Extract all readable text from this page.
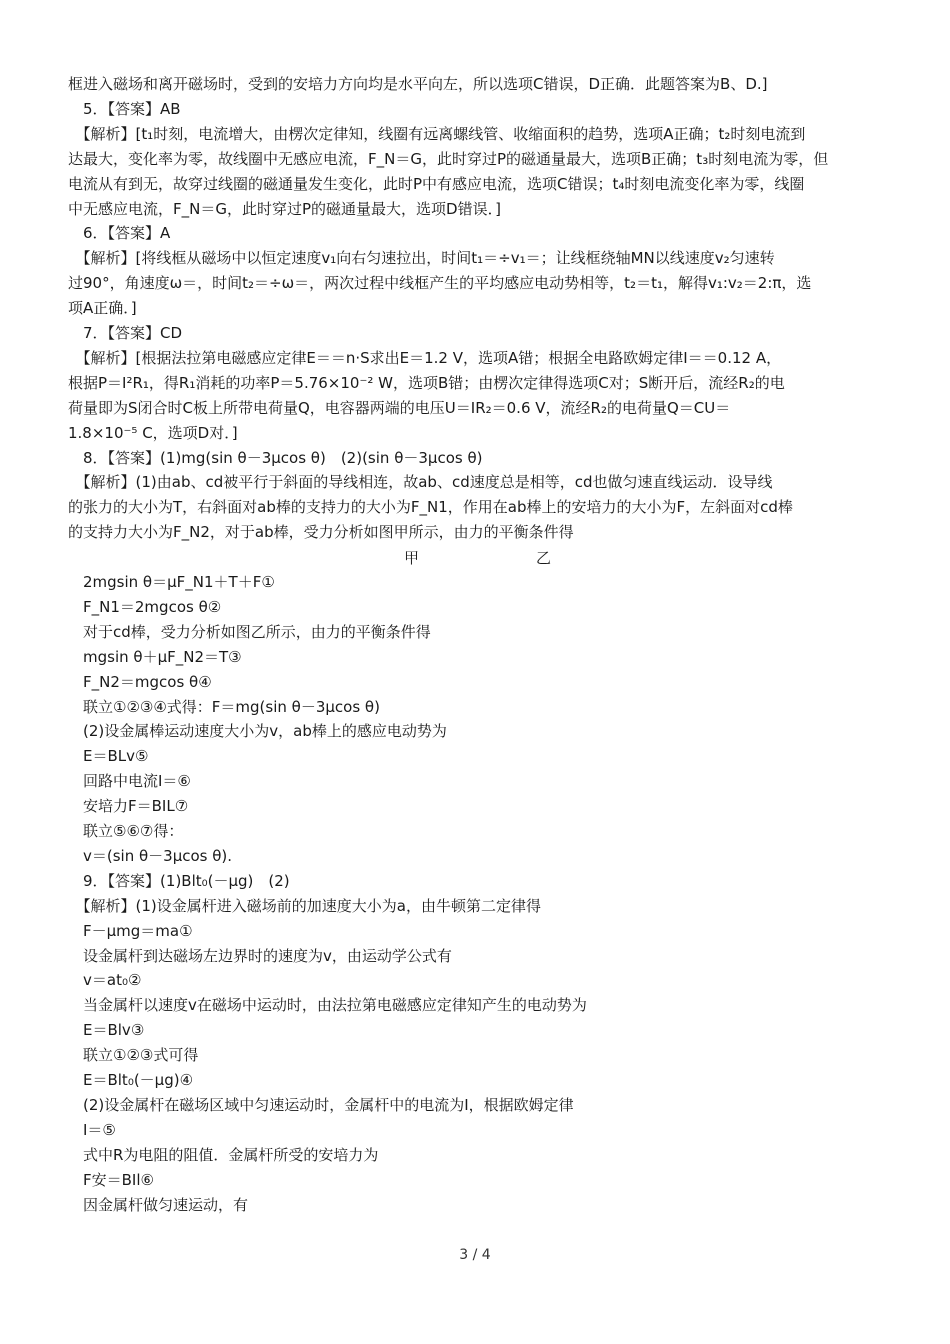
框进入磁场和离开磁场时，受到的安培力方向均是水平向左，所以选项C错误，D正确．此题答案为B、D.]
　5．【答案】AB
　【解析】[t₁时刻，电流增大，由楞次定律知，线圈有远离螺线管、收缩面积的趋势，选项A正确；t₂时刻电流到
达最大，变化率为零，故线圈中无感应电流，F_N＝G，此时穿过P的磁通量最大，选项B正确；t₃时刻电流为零，但
电流从有到无，故穿过线圈的磁通量发生变化，此时P中有感应电流，选项C错误；t₄时刻电流变化率为零，线圈
中无感应电流，F_N＝G，此时穿过P的磁通量最大，选项D错误．]
　6．【答案】A
　【解析】[将线框从磁场中以恒定速度v₁向右匀速拉出，时间t₁＝÷v₁＝；让线框绕轴MN以线速度v₂匀速转
过90°，角速度ω＝，时间t₂＝÷ω＝，两次过程中线框产生的平均感应电动势相等，t₂＝t₁，解得v₁:v₂＝2:π，选
项A正确．]
　7．【答案】CD
　【解析】[根据法拉第电磁感应定律E＝＝n·S求出E＝1.2 V，选项A错；根据全电路欧姆定律I＝＝0.12 A，
根据P＝I²R₁，得R₁消耗的功率P＝5.76×10⁻² W，选项B错；由楞次定律得选项C对；S断开后，流经R₂的电
荷量即为S闭合时C板上所带电荷量Q，电容器两端的电压U＝IR₂＝0.6 V，流经R₂的电荷量Q＝CU＝
1.8×10⁻⁵ C，选项D对．]
　8．【答案】(1)mg(sin θ－3μcos θ)　(2)(sin θ－3μcos θ)
　【解析】(1)由ab、cd被平行于斜面的导线相连，故ab、cd速度总是相等，cd也做匀速直线运动．设导线
的张力的大小为T，右斜面对ab棒的支持力的大小为F_N1，作用在ab棒上的安培力的大小为F，左斜面对cd棒
的支持力大小为F_N2，对于ab棒，受力分析如图甲所示，由力的平衡条件得
　2mgsin θ＝μF_N1＋T＋F①
　F_N1＝2mgcos θ②
　对于cd棒，受力分析如图乙所示，由力的平衡条件得
　mgsin θ＋μF_N2＝T③
　F_N2＝mgcos θ④
　联立①②③④式得：F＝mg(sin θ－3μcos θ)
　(2)设金属棒运动速度大小为v，ab棒上的感应电动势为
　E＝BLv⑤
　回路中电流I＝⑥
　安培力F＝BIL⑦
　联立⑤⑥⑦得：
　v＝(sin θ－3μcos θ).
　9．【答案】(1)Blt₀(－μg)　(2)
　【解析】(1)设金属杆进入磁场前的加速度大小为a，由牛顿第二定律得
　F－μmg＝ma①
　设金属杆到达磁场左边界时的速度为v，由运动学公式有
　v＝at₀②
　当金属杆以速度v在磁场中运动时，由法拉第电磁感应定律知产生的电动势为
　E＝Blv③
　联立①②③式可得
　E＝Blt₀(－μg)④
　(2)设金属杆在磁场区域中匀速运动时，金属杆中的电流为I，根据欧姆定律
　I＝⑤
　式中R为电阻的阻值．金属杆所受的安培力为
　F安＝BIl⑥
　因金属杆做匀速运动，有
甲	乙
3 / 4
